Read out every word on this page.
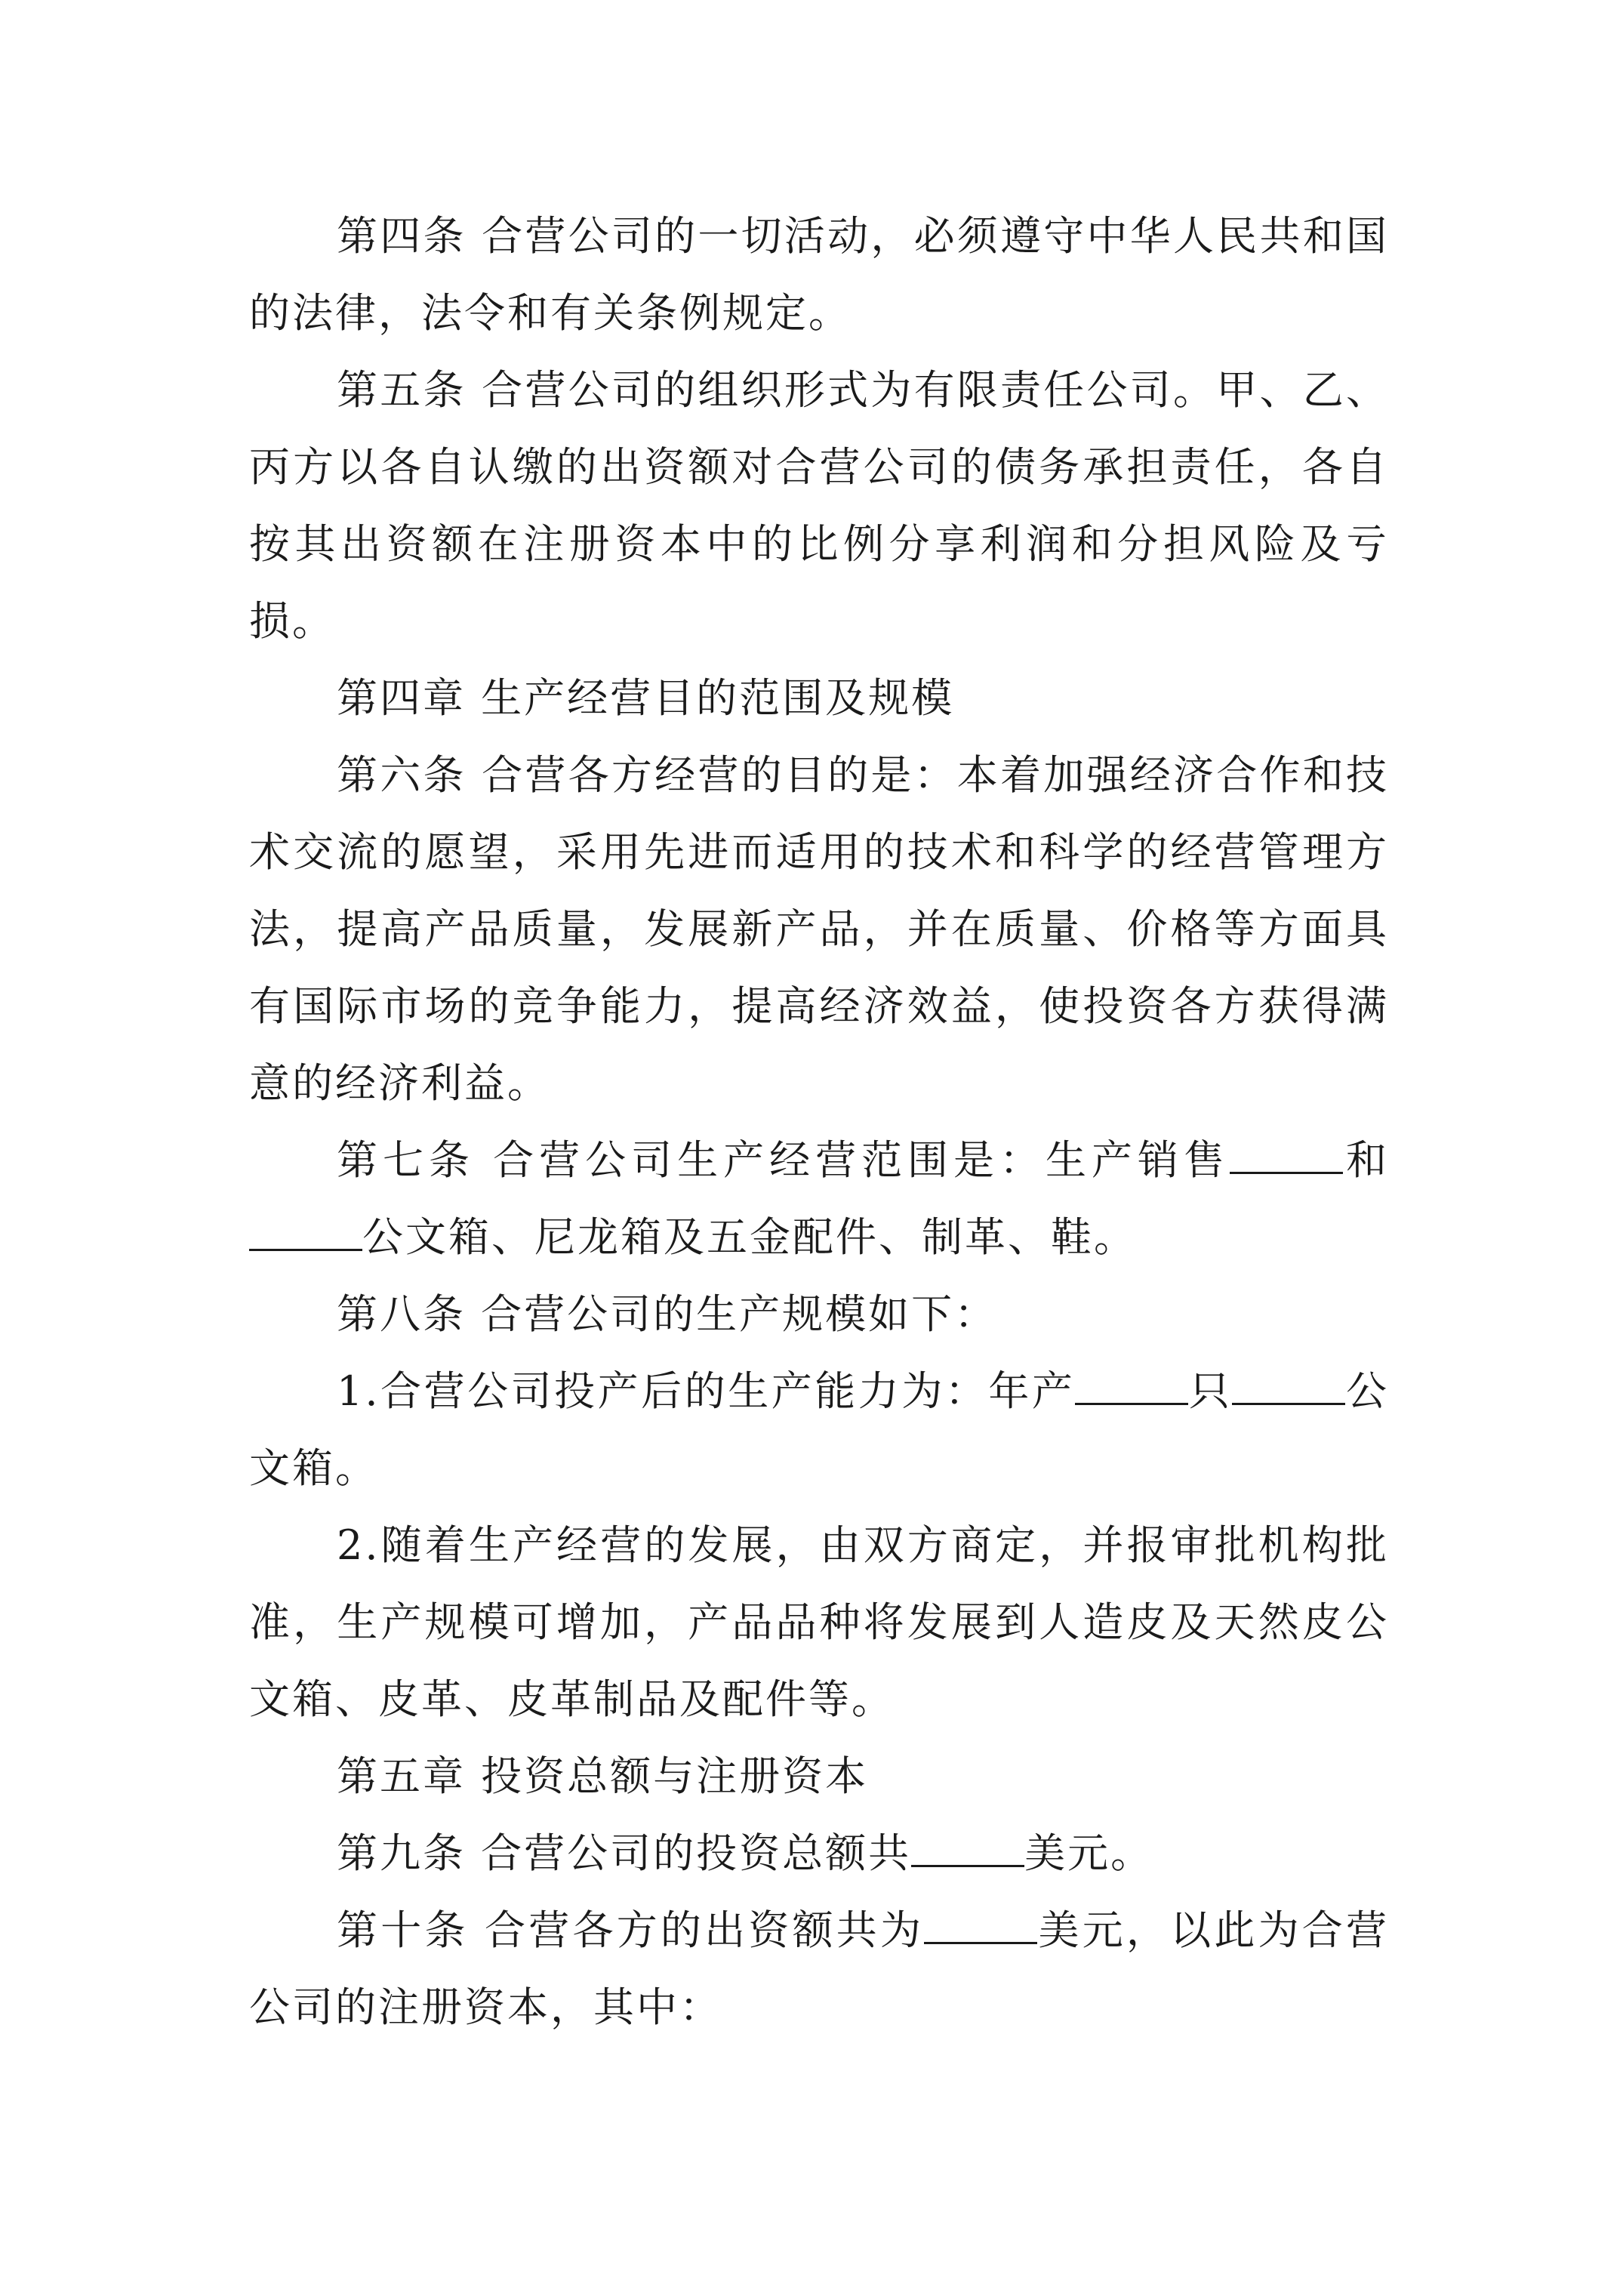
第四条 合营公司的一切活动，必须遵守中华人民共和国的法律，法令和有关条例规定。

第五条 合营公司的组织形式为有限责任公司。甲、乙、丙方以各自认缴的出资额对合营公司的债务承担责任，各自按其出资额在注册资本中的比例分享利润和分担风险及亏损。

第四章 生产经营目的范围及规模

第六条 合营各方经营的目的是：本着加强经济合作和技术交流的愿望，采用先进而适用的技术和科学的经营管理方法，提高产品质量，发展新产品，并在质量、价格等方面具有国际市场的竞争能力，提高经济效益，使投资各方获得满意的经济利益。

第七条 合营公司生产经营范围是：生产销售	和公文箱、尼龙箱及五金配件、制革、鞋。

第八条 合营公司的生产规模如下：

1.合营公司投产后的生产能力为：年产	只	公文箱。

2.随着生产经营的发展，由双方商定，并报审批机构批准，生产规模可增加，产品品种将发展到人造皮及天然皮公文箱、皮革、皮革制品及配件等。

第五章 投资总额与注册资本

第九条 合营公司的投资总额共	美元。

第十条 合营各方的出资额共为	美元，以此为合营公司的注册资本，其中：
